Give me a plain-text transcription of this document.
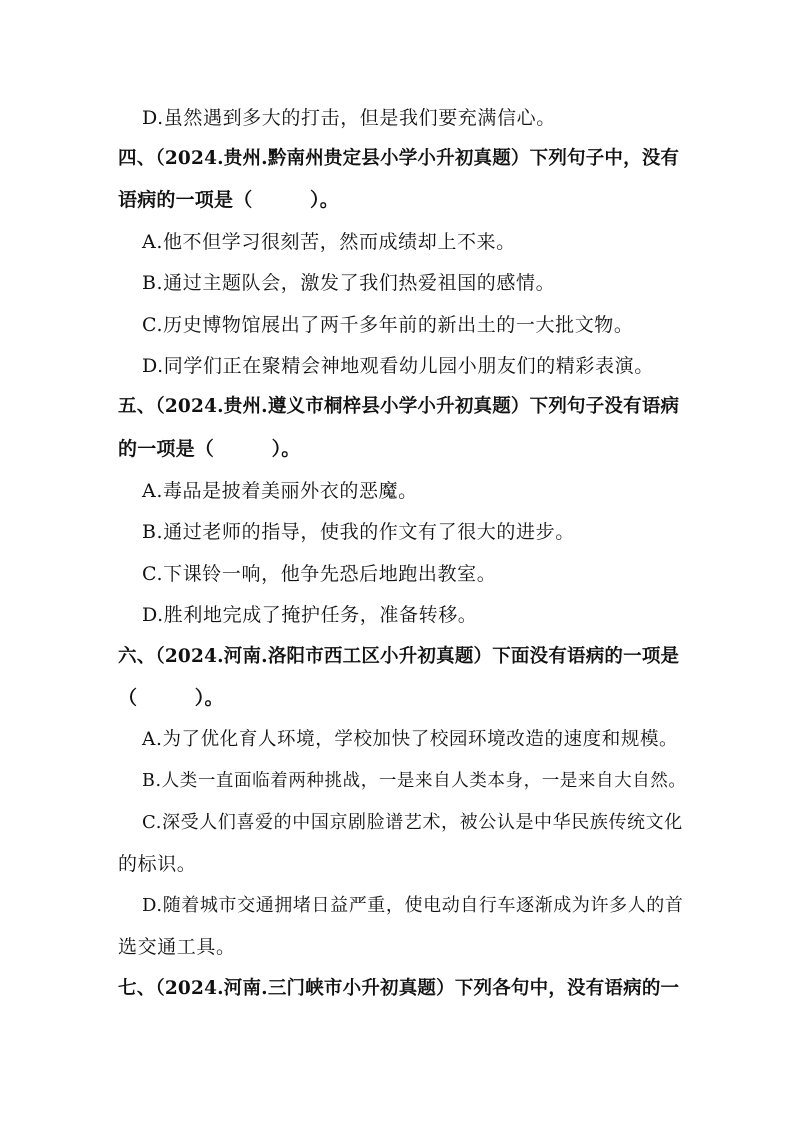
D.虽然遇到多大的打击，但是我们要充满信心。
四、（2024.贵州.黔南州贵定县小学小升初真题）下列句子中，没有
语病的一项是（　　　）。
A.他不但学习很刻苦，然而成绩却上不来。
B.通过主题队会，激发了我们热爱祖国的感情。
C.历史博物馆展出了两千多年前的新出土的一大批文物。
D.同学们正在聚精会神地观看幼儿园小朋友们的精彩表演。
五、（2024.贵州.遵义市桐梓县小学小升初真题）下列句子没有语病
的一项是（　　　）。
A.毒品是披着美丽外衣的恶魔。
B.通过老师的指导，使我的作文有了很大的进步。
C.下课铃一响，他争先恐后地跑出教室。
D.胜利地完成了掩护任务，准备转移。
六、（2024.河南.洛阳市西工区小升初真题）下面没有语病的一项是
（　　　）。
A.为了优化育人环境，学校加快了校园环境改造的速度和规模。
B.人类一直面临着两种挑战，一是来自人类本身，一是来自大自然。
C.深受人们喜爱的中国京剧脸谱艺术，被公认是中华民族传统文化
的标识。
D.随着城市交通拥堵日益严重，使电动自行车逐渐成为许多人的首
选交通工具。
七、（2024.河南.三门峡市小升初真题）下列各句中，没有语病的一
